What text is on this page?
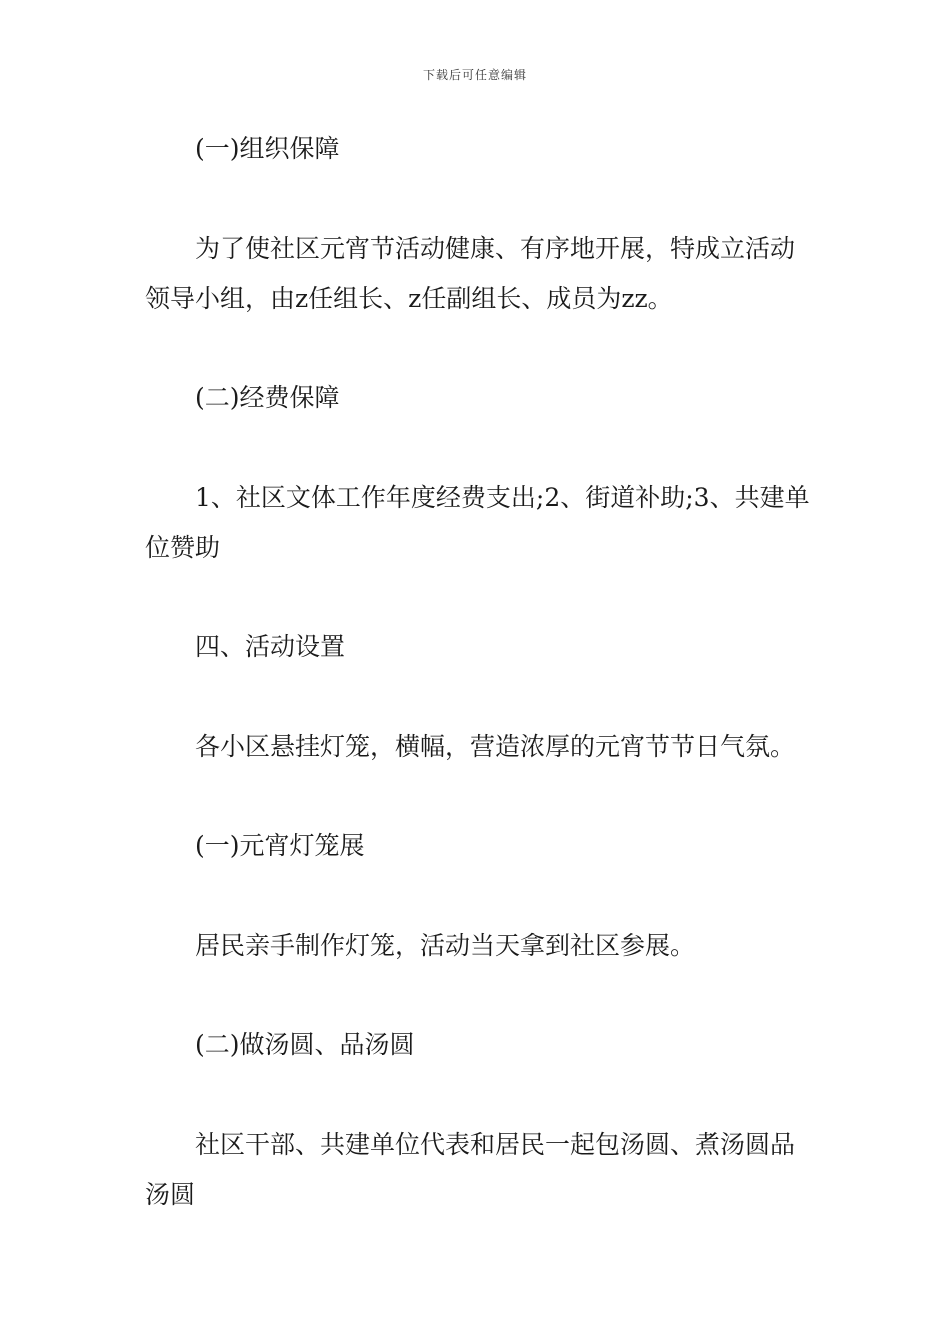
下载后可任意编辑
(一)组织保障
为了使社区元宵节活动健康、有序地开展，特成立活动领导小组，由z任组长、z任副组长、成员为zz。
(二)经费保障
1、社区文体工作年度经费支出;2、街道补助;3、共建单位赞助
四、活动设置
各小区悬挂灯笼，横幅，营造浓厚的元宵节节日气氛。
(一)元宵灯笼展
居民亲手制作灯笼，活动当天拿到社区参展。
(二)做汤圆、品汤圆
社区干部、共建单位代表和居民一起包汤圆、煮汤圆品汤圆
